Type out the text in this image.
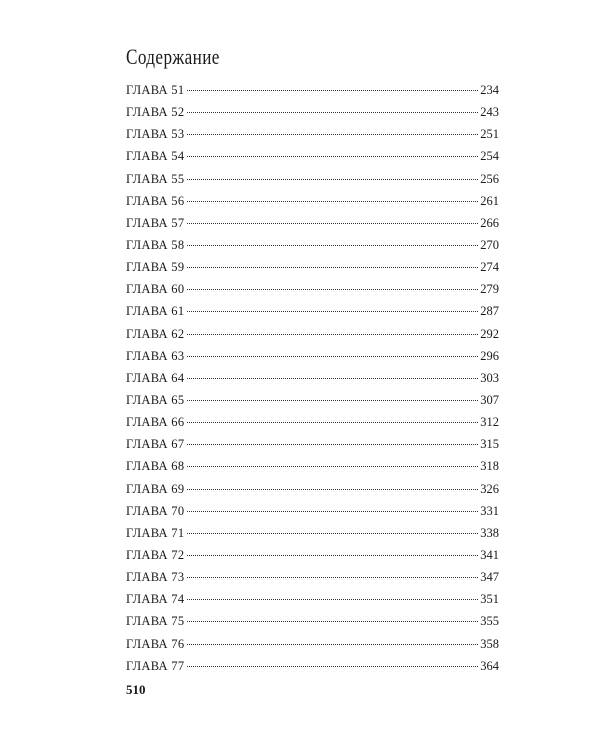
Содержание
ГЛАВА 51	234
ГЛАВА 52	243
ГЛАВА 53	251
ГЛАВА 54	254
ГЛАВА 55	256
ГЛАВА 56	261
ГЛАВА 57	266
ГЛАВА 58	270
ГЛАВА 59	274
ГЛАВА 60	279
ГЛАВА 61	287
ГЛАВА 62	292
ГЛАВА 63	296
ГЛАВА 64	303
ГЛАВА 65	307
ГЛАВА 66	312
ГЛАВА 67	315
ГЛАВА 68	318
ГЛАВА 69	326
ГЛАВА 70	331
ГЛАВА 71	338
ГЛАВА 72	341
ГЛАВА 73	347
ГЛАВА 74	351
ГЛАВА 75	355
ГЛАВА 76	358
ГЛАВА 77	364
510
